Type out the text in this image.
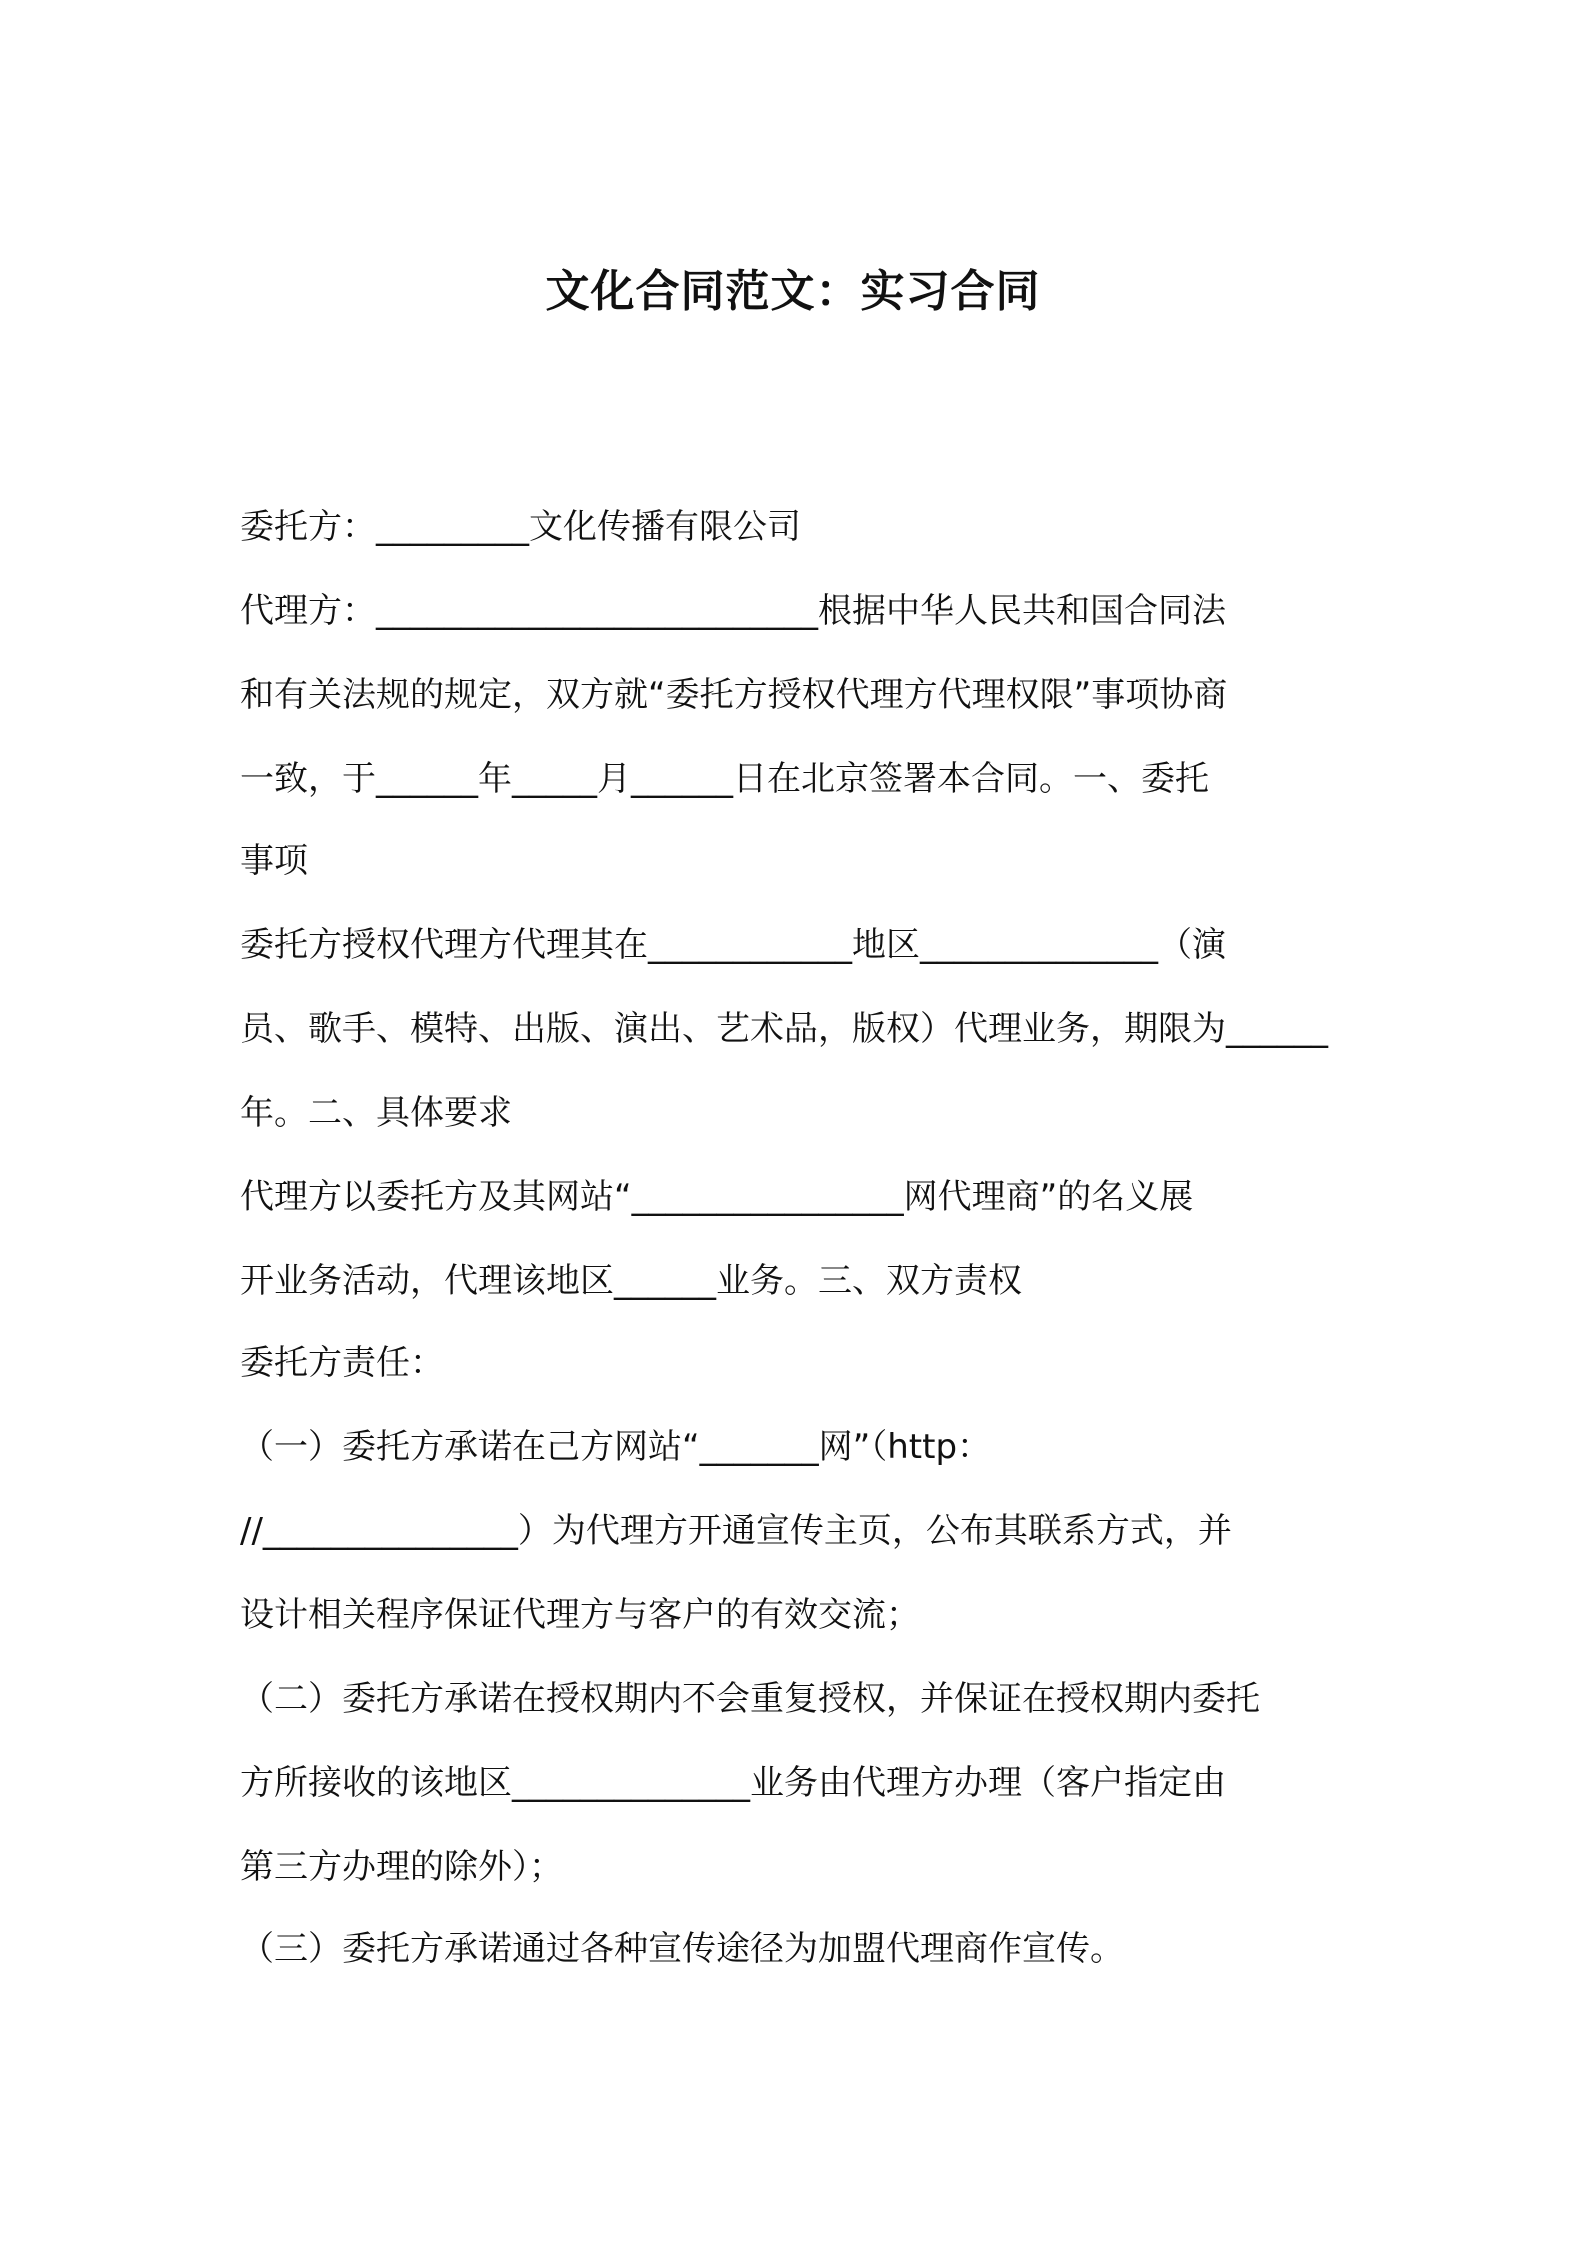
文化合同范文：实习合同

委托方：_________文化传播有限公司

代理方：__________________________根据中华人民共和国合同法

和有关法规的规定，双方就“委托方授权代理方代理权限”事项协商

一致，于______年_____月______日在北京签署本合同。一、委托

事项

委托方授权代理方代理其在____________地区______________（演

员、歌手、模特、出版、演出、艺术品，版权）代理业务，期限为______

年。二、具体要求

代理方以委托方及其网站“________________网代理商”的名义展

开业务活动，代理该地区______业务。三、双方责权

委托方责任：

（一）委托方承诺在己方网站“_______网”（http：

//_______________）为代理方开通宣传主页，公布其联系方式，并

设计相关程序保证代理方与客户的有效交流；

（二）委托方承诺在授权期内不会重复授权，并保证在授权期内委托

方所接收的该地区______________业务由代理方办理（客户指定由

第三方办理的除外）；

（三）委托方承诺通过各种宣传途径为加盟代理商作宣传。
